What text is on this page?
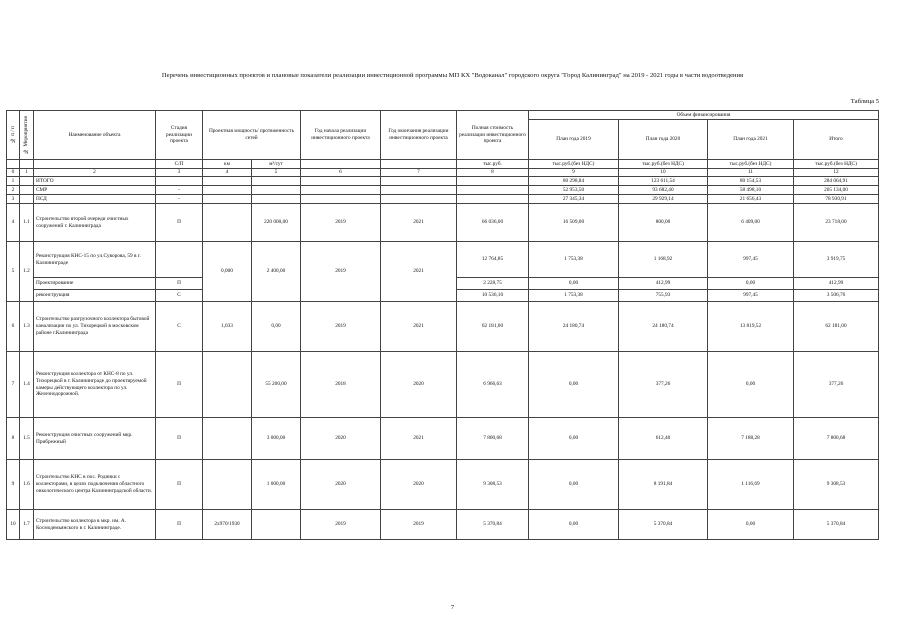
Перечень инвестиционных проектов и плановые показатели реализации инвестиционной программы МП КХ "Водоканал" городского округа "Город Калининград" на 2019 - 2021 годы в части водоотведения
Таблица 5
№ п / п	№ Мероприятия	Наименование объекта	Стадия реализации проекта	Проектная мощность/ протяженность сетей		Год начала реализации инвестиционного проекта	Год окончания реализации инвестиционного проекта	Полная стоимость реализации инвестиционного проекта	Объем финансирования			
									План года 2019	План года 2020	План года 2021	Итого

			С/П	км	м³/сут			тыс.руб.	тыс.руб.(без НДС)	тыс.руб.(без НДС)	тыс.руб.(без НДС)	тыс.руб.(без НДС)
0	1	2	3	4	5	6	7	8	9	10	11	12
1		ИТОГО							80 298,84	123 611,54	80 154,53	284 064,91
2		СМР	-						52 953,50	93 682,40	58 498,10	205 134,00
3		ПСД	-						27 345,34	29 929,14	21 656,43	78 930,91
4	1.1	Строительство второй очереди очистных сооружений г. Калининграда	П		220 000,00	2019	2021	66 036,00	16 509,00	800,00	6 409,00	23 718,00
5	1.2	Реконструкция КНС-15 по ул.Суворова, 59 в г. Калининграде		0,000	2 400,00	2019	2021	12 764,85	1 753,38	1 168,92	997,45	3 919,75
		Проектирование	П					2 228,75	0,00	412,99	0,00	412,99
		реконструкция	С					10 536,10	1 753,38	755,93	997,45	3 506,76
6	1.3	Строительство разгрузочного коллектора бытовой канализации по ул. Тихорецкой в московском районе г.Калининграда	С	1,033	0,00	2019	2021	62 181,00	24 180,74	24 180,74	13 819,52	62 181,00
7	1.4	Реконструкция коллектора от КНС-8 по ул. Тихорецкой в г. Калининграде до проектируемой камеры действующего коллектора по ул. Железнодорожной.	П		55 200,00	2018	2020	6 966,63	0,00	377,26	0,00	377,26
8	1.5	Реконструкция очистных сооружений мкр. Прибрежный	П		3 000,00	2020	2021	7 800,68	0,00	612,40	7 188,28	7 800,68
9	1.6	Строительство КНС в пос. Родники с коллекторами, в целях подключения областного онкологического центра Калининградской области.	П		1 000,00	2020	2020	9 308,53	0,00	8 191,84	1 116,69	9 308,53
10	1.7	Строительство коллектора в мкр. им. А. Космодемьянского в г. Калининграде.	П	2х970/1930		2019	2019	5 370,84	0,00	5 370,84	0,00	5 370,84
7
